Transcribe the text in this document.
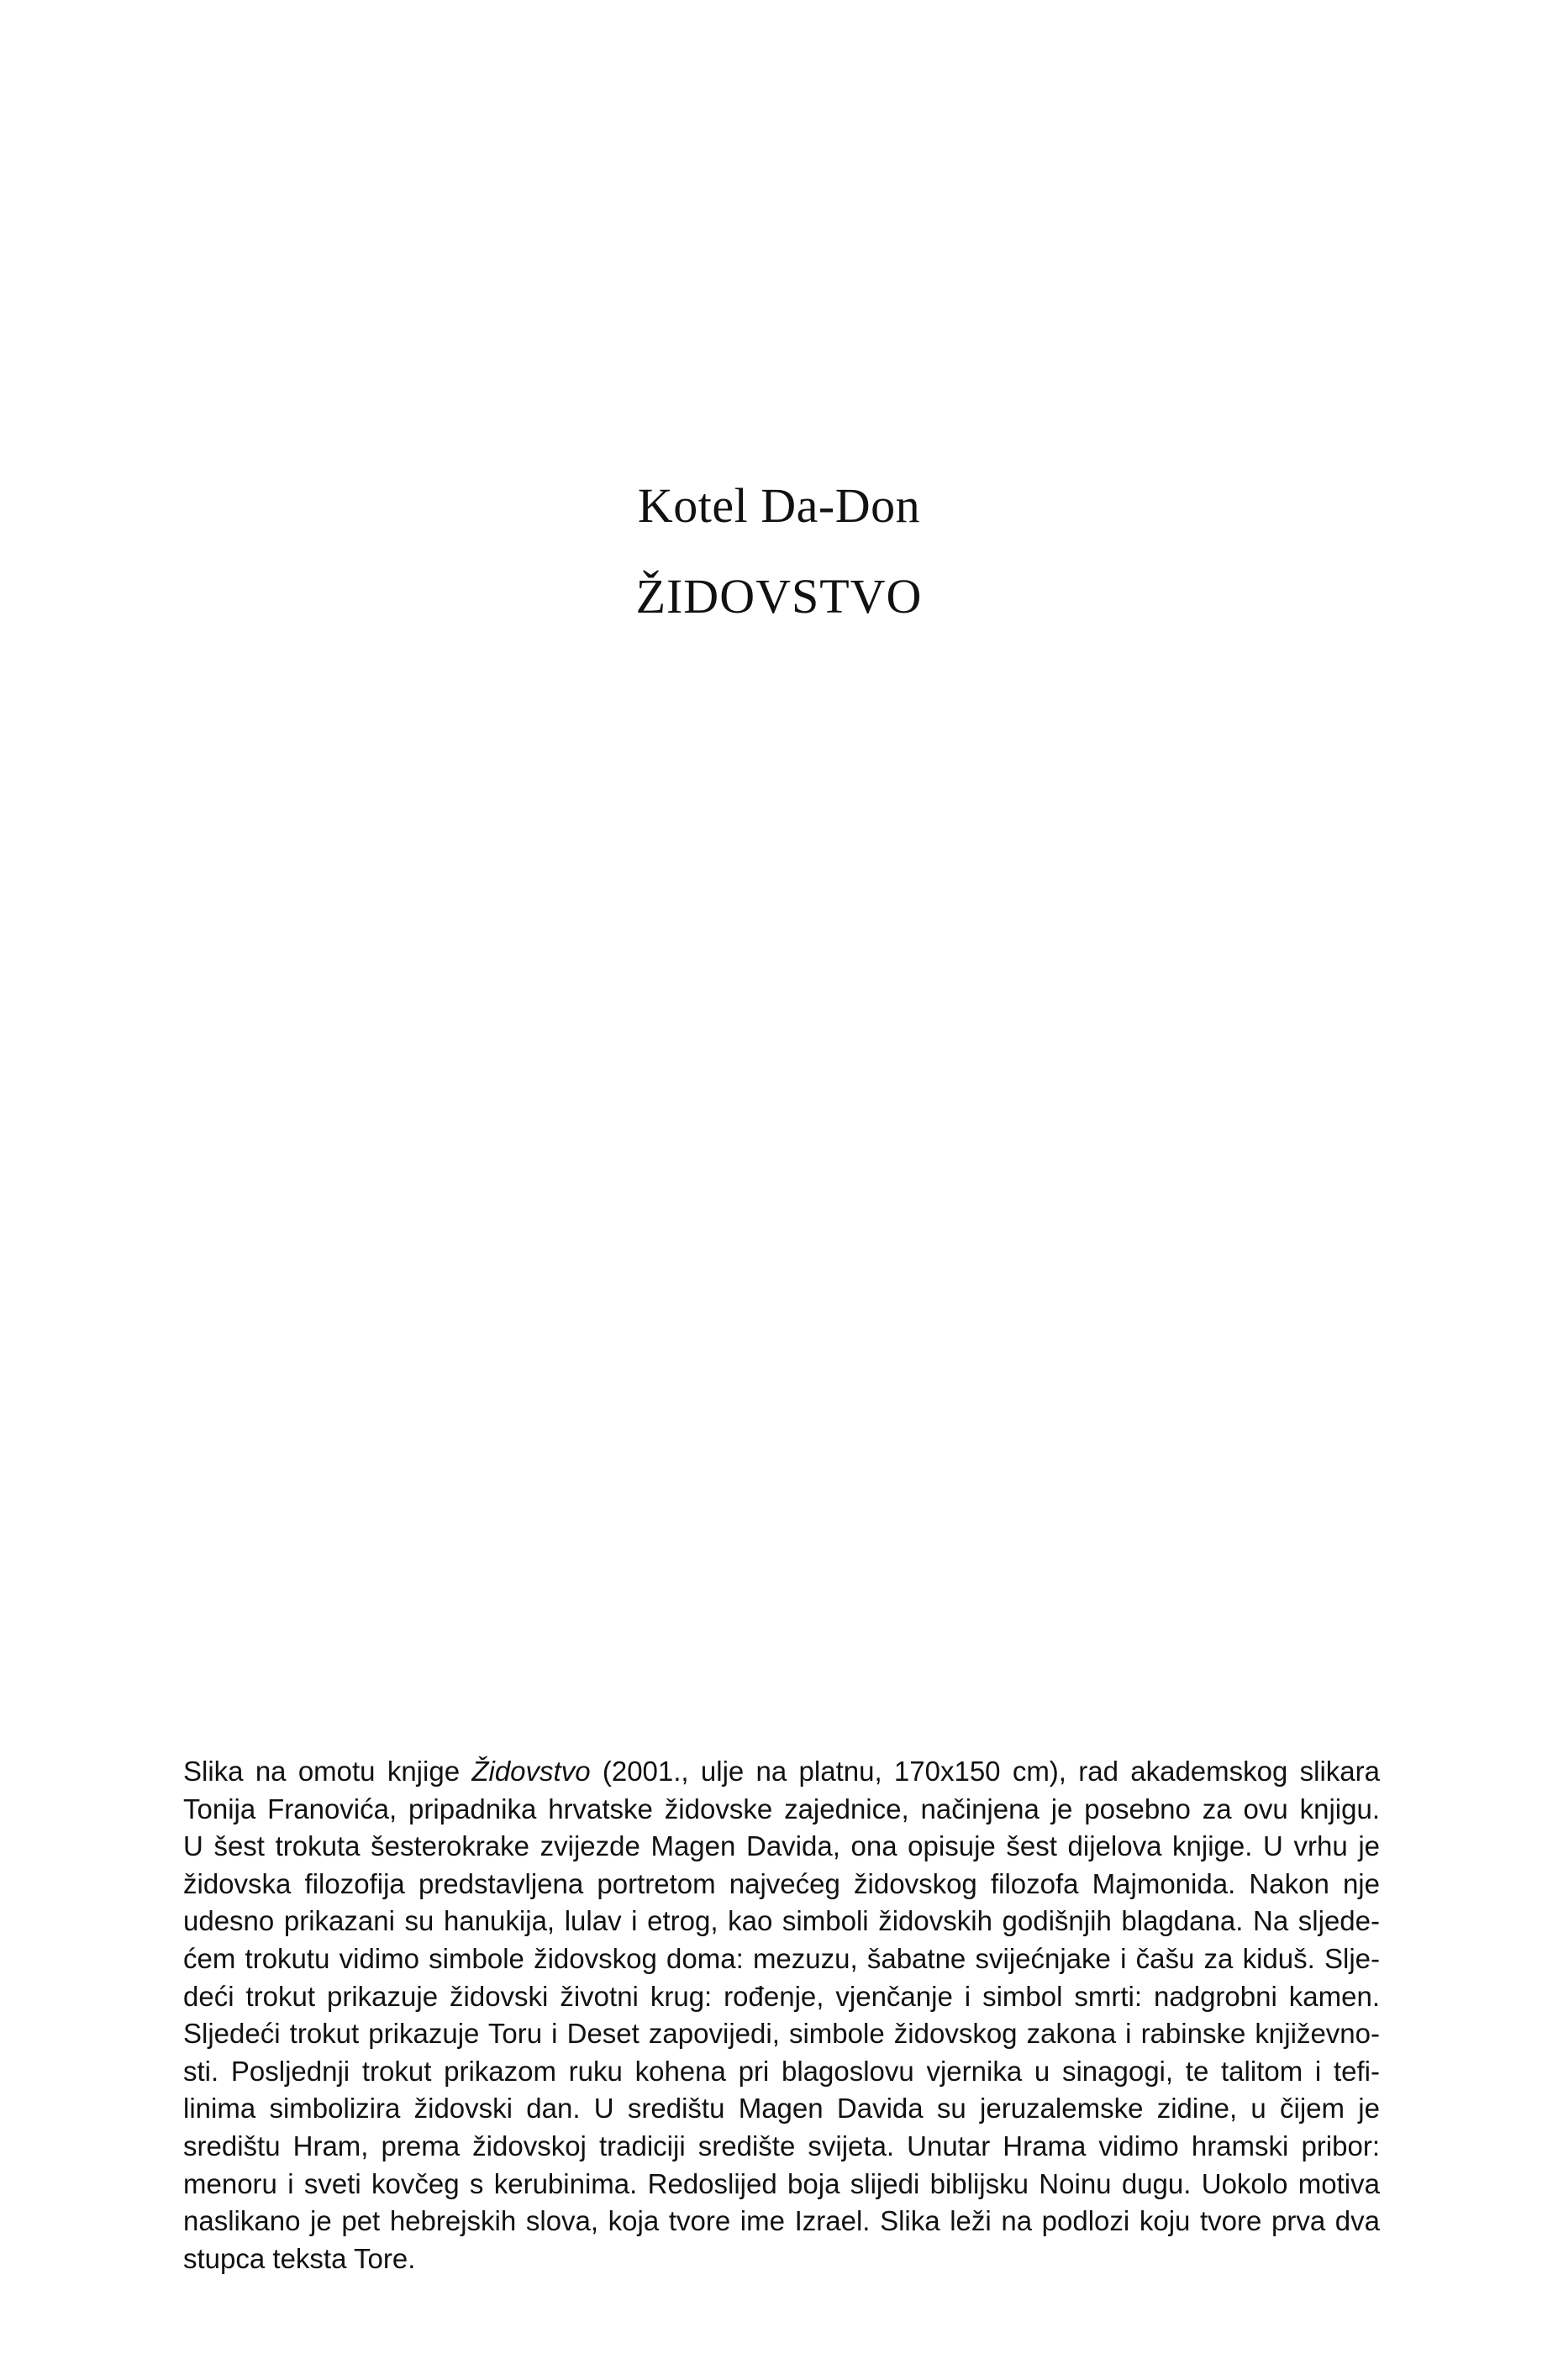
Kotel Da-Don
ŽIDOVSTVO
Slika na omotu knjige Židovstvo (2001., ulje na platnu, 170x150 cm), rad akademskog slikara
Tonija Franovića, pripadnika hrvatske židovske zajednice, načinjena je posebno za ovu knjigu.
U šest trokuta šesterokrake zvijezde Magen Davida, ona opisuje šest dijelova knjige. U vrhu je
židovska filozofija predstavljena portretom najvećeg židovskog filozofa Majmonida. Nakon nje
udesno prikazani su hanukija, lulav i etrog, kao simboli židovskih godišnjih blagdana. Na sljede-
ćem trokutu vidimo simbole židovskog doma: mezuzu, šabatne svijećnjake i čašu za kiduš. Slje-
deći trokut prikazuje židovski životni krug: rođenje, vjenčanje i simbol smrti: nadgrobni kamen.
Sljedeći trokut prikazuje Toru i Deset zapovijedi, simbole židovskog zakona i rabinske književno-
sti. Posljednji trokut prikazom ruku kohena pri blagoslovu vjernika u sinagogi, te talitom i tefi-
linima simbolizira židovski dan. U središtu Magen Davida su jeruzalemske zidine, u čijem je
središtu Hram, prema židovskoj tradiciji središte svijeta. Unutar Hrama vidimo hramski pribor:
menoru i sveti kovčeg s kerubinima. Redoslijed boja slijedi biblijsku Noinu dugu. Uokolo motiva
naslikano je pet hebrejskih slova, koja tvore ime Izrael. Slika leži na podlozi koju tvore prva dva
stupca teksta Tore.
